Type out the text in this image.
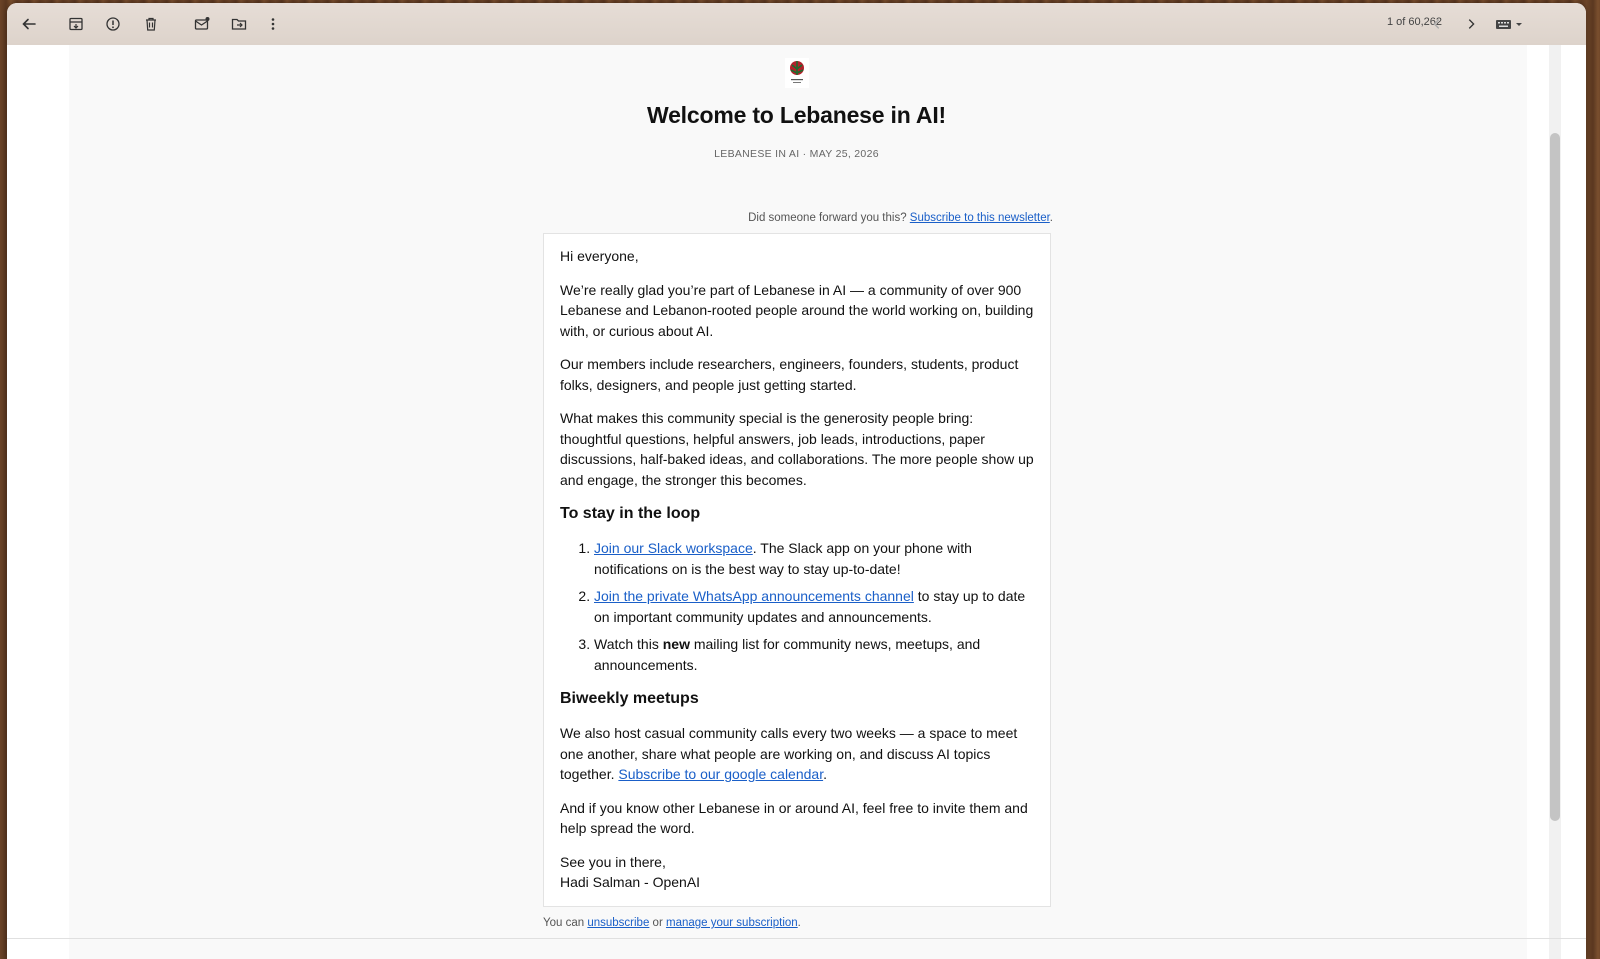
1 of 60,262
Welcome to Lebanese in AI!
LEBANESE IN AI · MAY 25, 2026
Did someone forward you this? Subscribe to this newsletter.

Hi everyone,

We’re really glad you’re part of Lebanese in AI — a community of over 900 Lebanese and Lebanon-rooted people around the world working on, building with, or curious about AI.

Our members include researchers, engineers, founders, students, product folks, designers, and people just getting started.

What makes this community special is the generosity people bring: thoughtful questions, helpful answers, job leads, introductions, paper discussions, half-baked ideas, and collaborations. The more people show up and engage, the stronger this becomes.

To stay in the loop
1. Join our Slack workspace. The Slack app on your phone with notifications on is the best way to stay up-to-date!
2. Join the private WhatsApp announcements channel to stay up to date on important community updates and announcements.
3. Watch this new mailing list for community news, meetups, and announcements.
Biweekly meetups

We also host casual community calls every two weeks — a space to meet one another, share what people are working on, and discuss AI topics together. Subscribe to our google calendar.

And if you know other Lebanese in or around AI, feel free to invite them and help spread the word.

See you in there,
Hadi Salman - OpenAI

You can unsubscribe or manage your subscription.
